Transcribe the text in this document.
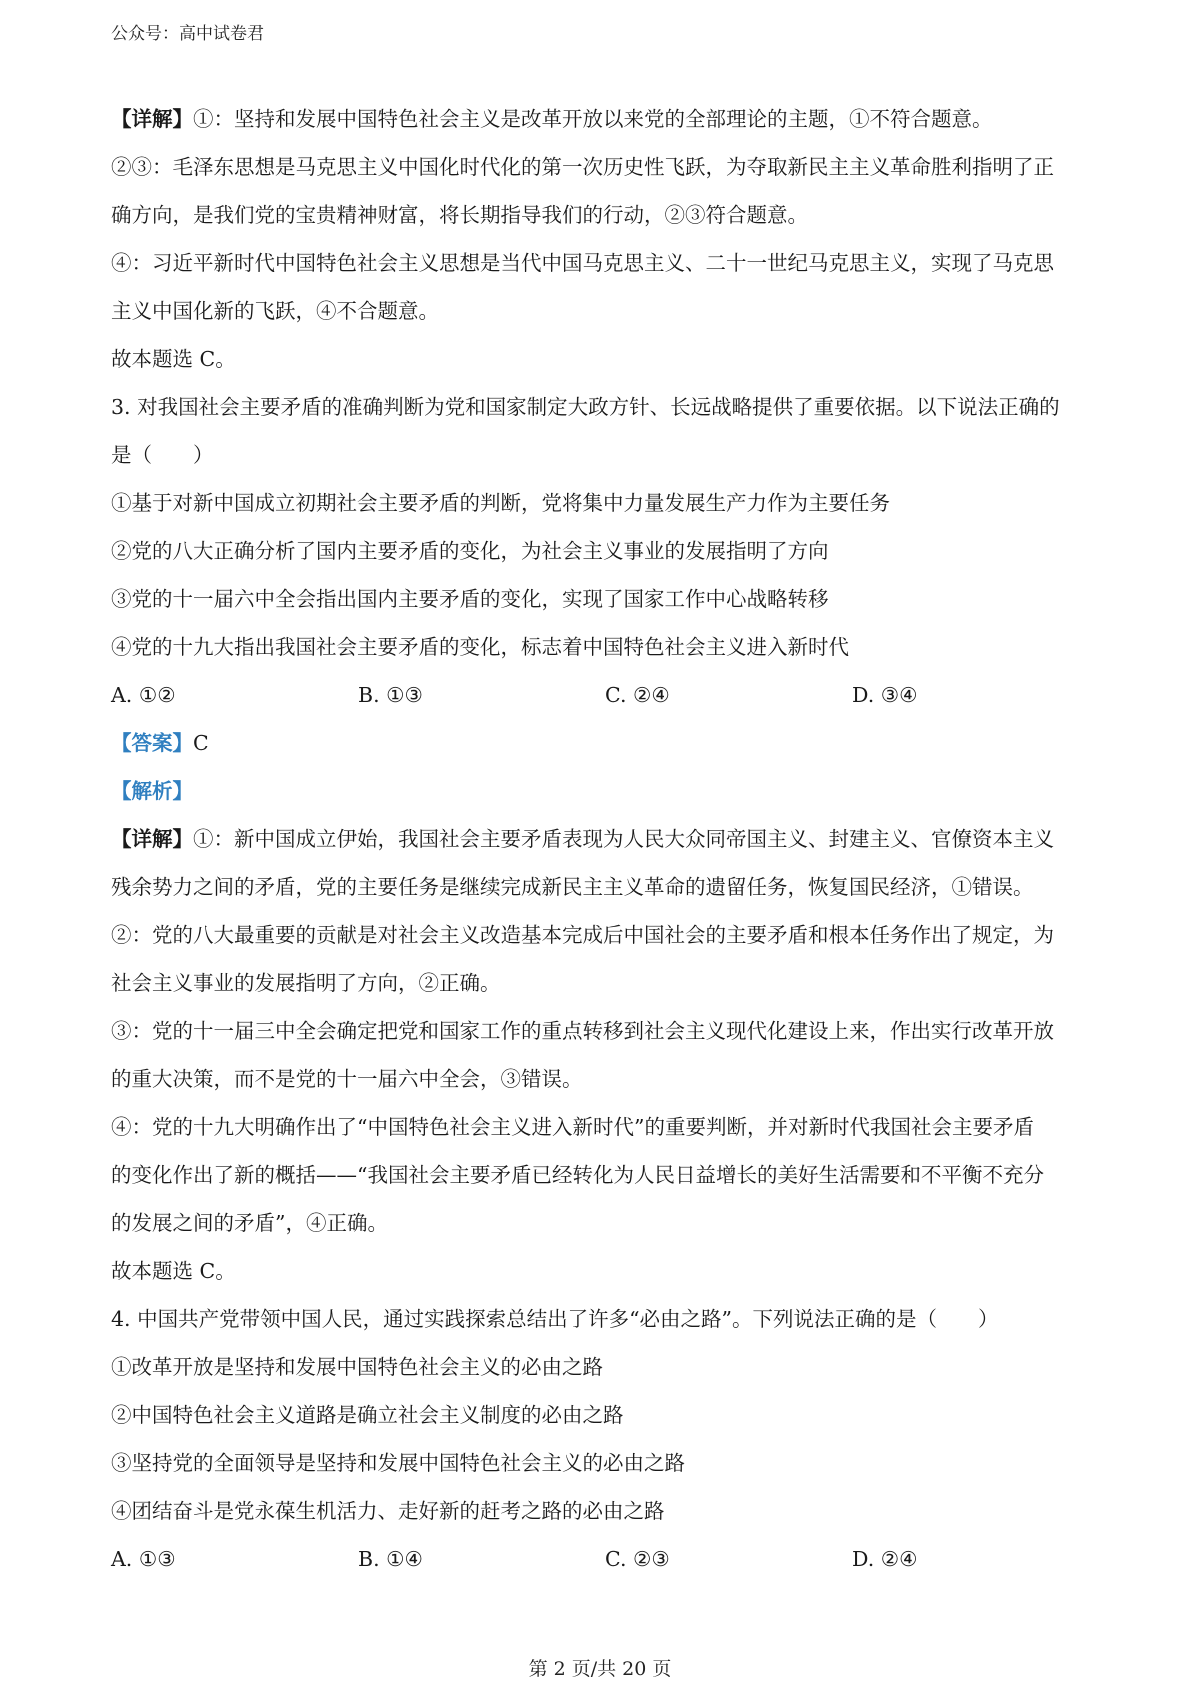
公众号：高中试卷君
【详解】①：坚持和发展中国特色社会主义是改革开放以来党的全部理论的主题，①不符合题意。
②③：毛泽东思想是马克思主义中国化时代化的第一次历史性飞跃，为夺取新民主主义革命胜利指明了正
确方向，是我们党的宝贵精神财富，将长期指导我们的行动，②③符合题意。
④：习近平新时代中国特色社会主义思想是当代中国马克思主义、二十一世纪马克思主义，实现了马克思
主义中国化新的飞跃，④不合题意。
故本题选 C。
3. 对我国社会主要矛盾的准确判断为党和国家制定大政方针、长远战略提供了重要依据。以下说法正确的
是（　　）
①基于对新中国成立初期社会主要矛盾的判断，党将集中力量发展生产力作为主要任务
②党的八大正确分析了国内主要矛盾的变化，为社会主义事业的发展指明了方向
③党的十一届六中全会指出国内主要矛盾的变化，实现了国家工作中心战略转移
④党的十九大指出我国社会主要矛盾的变化，标志着中国特色社会主义进入新时代
A. ①②	B. ①③	C. ②④	D. ③④
【答案】C
【解析】
【详解】①：新中国成立伊始，我国社会主要矛盾表现为人民大众同帝国主义、封建主义、官僚资本主义
残余势力之间的矛盾，党的主要任务是继续完成新民主主义革命的遗留任务，恢复国民经济，①错误。
②：党的八大最重要的贡献是对社会主义改造基本完成后中国社会的主要矛盾和根本任务作出了规定，为
社会主义事业的发展指明了方向，②正确。
③：党的十一届三中全会确定把党和国家工作的重点转移到社会主义现代化建设上来，作出实行改革开放
的重大决策，而不是党的十一届六中全会，③错误。
④：党的十九大明确作出了“中国特色社会主义进入新时代”的重要判断，并对新时代我国社会主要矛盾
的变化作出了新的概括——“我国社会主要矛盾已经转化为人民日益增长的美好生活需要和不平衡不充分
的发展之间的矛盾”，④正确。
故本题选 C。
4. 中国共产党带领中国人民，通过实践探索总结出了许多“必由之路”。下列说法正确的是（　　）
①改革开放是坚持和发展中国特色社会主义的必由之路
②中国特色社会主义道路是确立社会主义制度的必由之路
③坚持党的全面领导是坚持和发展中国特色社会主义的必由之路
④团结奋斗是党永葆生机活力、走好新的赶考之路的必由之路
A. ①③	B. ①④	C. ②③	D. ②④
第 2 页/共 20 页
